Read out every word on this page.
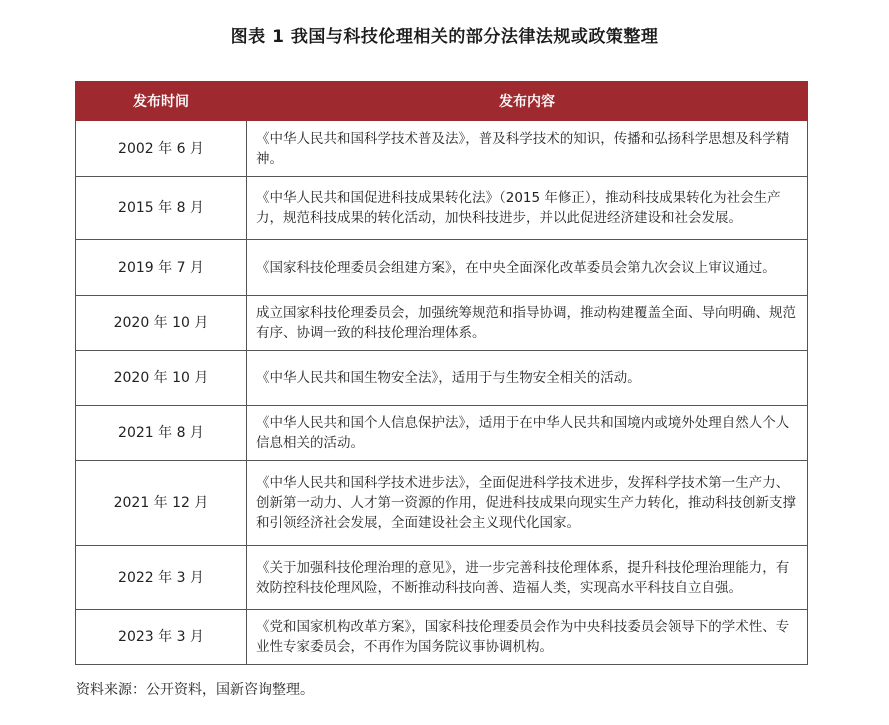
图表 1 我国与科技伦理相关的部分法律法规或政策整理
发布时间	发布内容
2002 年 6 月	《中华人民共和国科学技术普及法》，普及科学技术的知识，传播和弘扬科学思想及科学精神。
2015 年 8 月	《中华人民共和国促进科技成果转化法》（2015 年修正），推动科技成果转化为社会生产力，规范科技成果的转化活动，加快科技进步，并以此促进经济建设和社会发展。
2019 年 7 月	《国家科技伦理委员会组建方案》，在中央全面深化改革委员会第九次会议上审议通过。
2020 年 10 月	成立国家科技伦理委员会，加强统筹规范和指导协调，推动构建覆盖全面、导向明确、规范有序、协调一致的科技伦理治理体系。
2020 年 10 月	《中华人民共和国生物安全法》，适用于与生物安全相关的活动。
2021 年 8 月	《中华人民共和国个人信息保护法》，适用于在中华人民共和国境内或境外处理自然人个人信息相关的活动。
2021 年 12 月	《中华人民共和国科学技术进步法》，全面促进科学技术进步，发挥科学技术第一生产力、创新第一动力、人才第一资源的作用，促进科技成果向现实生产力转化，推动科技创新支撑和引领经济社会发展，全面建设社会主义现代化国家。
2022 年 3 月	《关于加强科技伦理治理的意见》，进一步完善科技伦理体系，提升科技伦理治理能力，有效防控科技伦理风险，不断推动科技向善、造福人类，实现高水平科技自立自强。
2023 年 3 月	《党和国家机构改革方案》，国家科技伦理委员会作为中央科技委员会领导下的学术性、专业性专家委员会，不再作为国务院议事协调机构。
资料来源：公开资料，国新咨询整理。
